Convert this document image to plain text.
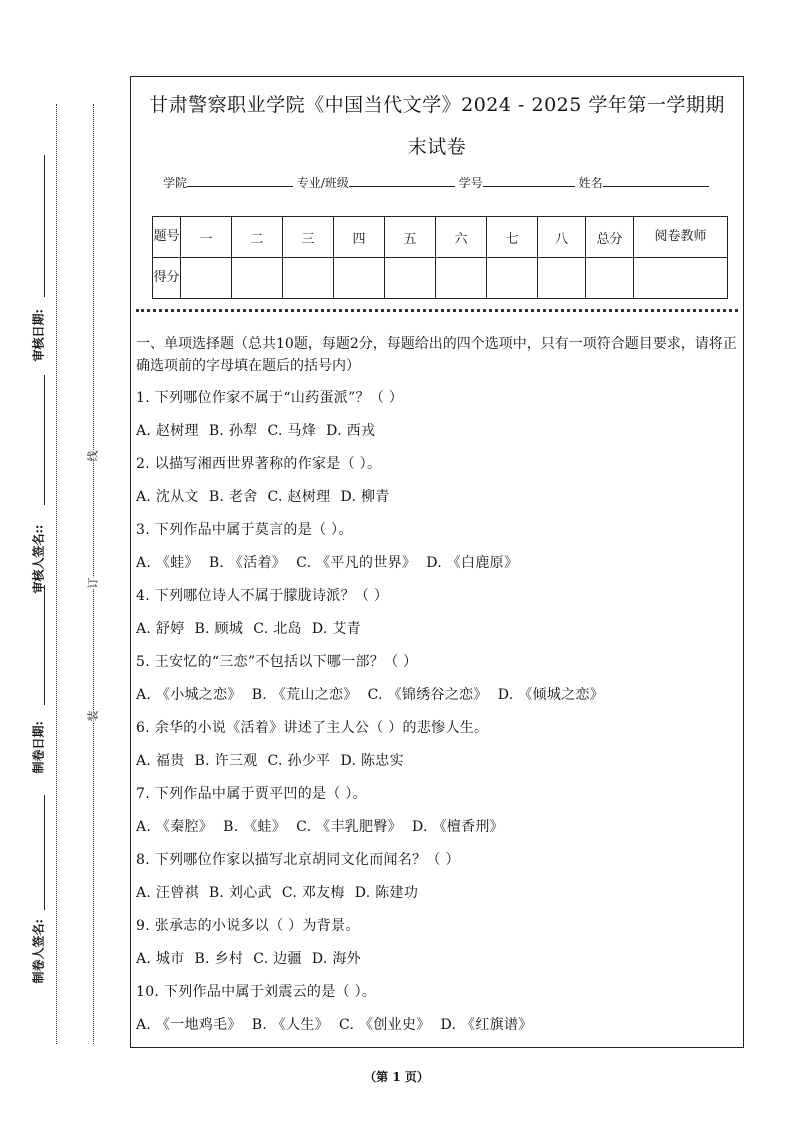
甘肃警察职业学院《中国当代文学》2024 - 2025 学年第一学期期
末试卷
学院	专业/班级	学号	姓名
题号	一	二	三	四	五	六	七	八	总分	阅卷教师
得分										
一、单项选择题（总共10题，每题2分，每题给出的四个选项中，只有一项符合题目要求，请将正确选项前的字母填在题后的括号内）
1. 下列哪位作家不属于“山药蛋派”？（ ）
A. 赵树理 B. 孙犁 C. 马烽 D. 西戎
2. 以描写湘西世界著称的作家是（ ）。
A. 沈从文 B. 老舍 C. 赵树理 D. 柳青
3. 下列作品中属于莫言的是（ ）。
A. 《蛙》 B. 《活着》 C. 《平凡的世界》 D. 《白鹿原》
4. 下列哪位诗人不属于朦胧诗派？（ ）
A. 舒婷 B. 顾城 C. 北岛 D. 艾青
5. 王安忆的“三恋”不包括以下哪一部？（ ）
A. 《小城之恋》 B. 《荒山之恋》 C. 《锦绣谷之恋》 D. 《倾城之恋》
6. 余华的小说《活着》讲述了主人公（ ）的悲惨人生。
A. 福贵 B. 许三观 C. 孙少平 D. 陈忠实
7. 下列作品中属于贾平凹的是（ ）。
A. 《秦腔》 B. 《蛙》 C. 《丰乳肥臀》 D. 《檀香刑》
8. 下列哪位作家以描写北京胡同文化而闻名？（ ）
A. 汪曾祺 B. 刘心武 C. 邓友梅 D. 陈建功
9. 张承志的小说多以（ ）为背景。
A. 城市 B. 乡村 C. 边疆 D. 海外
10. 下列作品中属于刘震云的是（ ）。
A. 《一地鸡毛》 B. 《人生》 C. 《创业史》 D. 《红旗谱》
审核日期:
审核人签名::
制卷日期:
制卷人签名:
线
订
装
（第 1 页）
